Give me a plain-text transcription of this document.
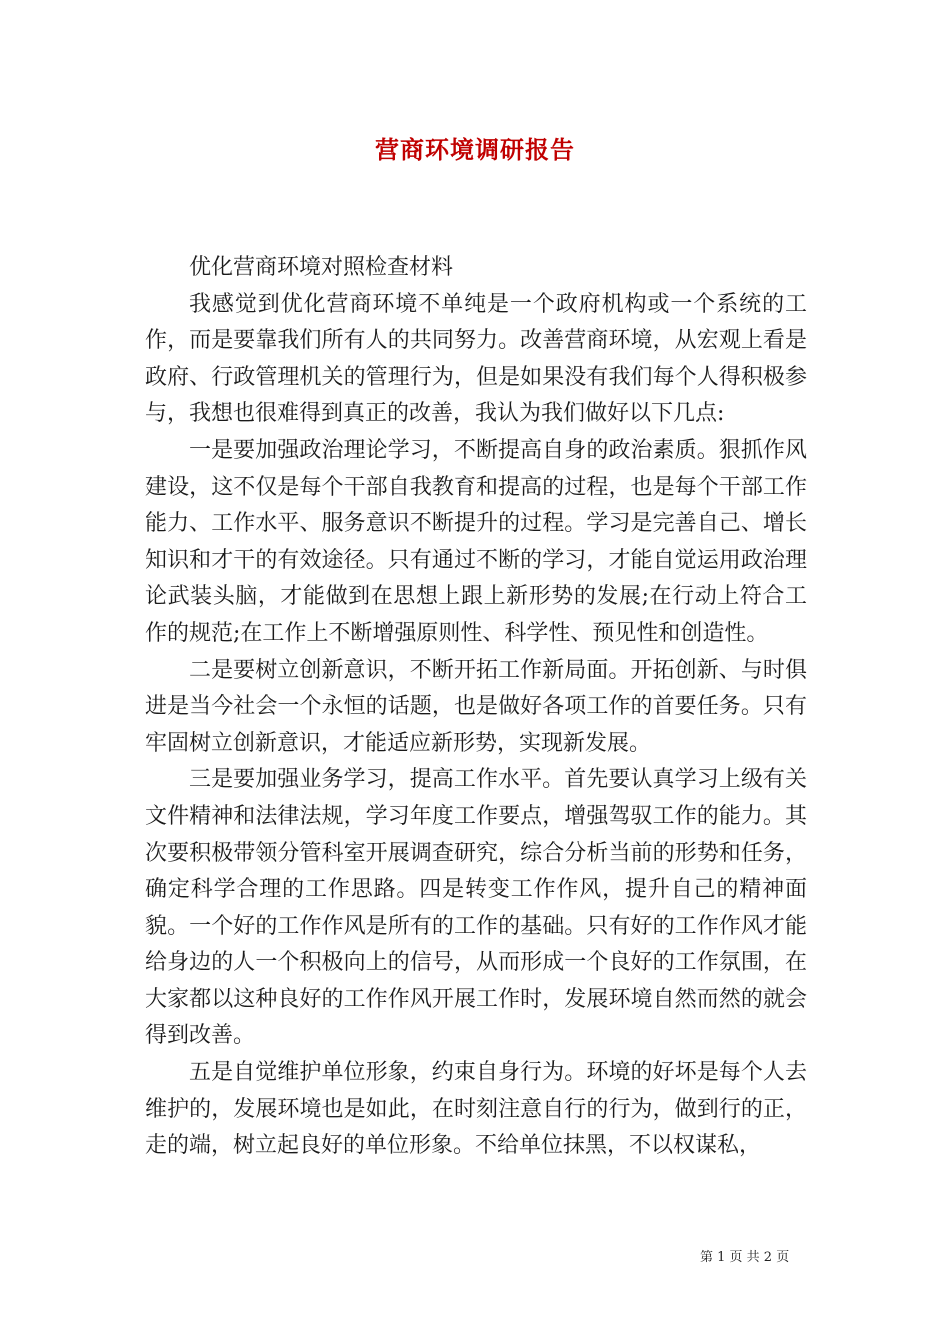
营商环境调研报告

优化营商环境对照检查材料

我感觉到优化营商环境不单纯是一个政府机构或一个系统的工作，而是要靠我们所有人的共同努力。改善营商环境，从宏观上看是政府、行政管理机关的管理行为，但是如果没有我们每个人得积极参与，我想也很难得到真正的改善，我认为我们做好以下几点:

一是要加强政治理论学习，不断提高自身的政治素质。狠抓作风建设，这不仅是每个干部自我教育和提高的过程，也是每个干部工作能力、工作水平、服务意识不断提升的过程。学习是完善自己、增长知识和才干的有效途径。只有通过不断的学习，才能自觉运用政治理论武装头脑，才能做到在思想上跟上新形势的发展;在行动上符合工作的规范;在工作上不断增强原则性、科学性、预见性和创造性。

二是要树立创新意识，不断开拓工作新局面。开拓创新、与时俱进是当今社会一个永恒的话题，也是做好各项工作的首要任务。只有牢固树立创新意识，才能适应新形势，实现新发展。

三是要加强业务学习，提高工作水平。首先要认真学习上级有关文件精神和法律法规，学习年度工作要点，增强驾驭工作的能力。其次要积极带领分管科室开展调查研究，综合分析当前的形势和任务，确定科学合理的工作思路。四是转变工作作风，提升自己的精神面貌。一个好的工作作风是所有的工作的基础。只有好的工作作风才能给身边的人一个积极向上的信号，从而形成一个良好的工作氛围，在大家都以这种良好的工作作风开展工作时，发展环境自然而然的就会得到改善。

五是自觉维护单位形象，约束自身行为。环境的好坏是每个人去维护的，发展环境也是如此，在时刻注意自行的行为，做到行的正，走的端，树立起良好的单位形象。不给单位抹黑，不以权谋私，

第 1 页 共 2 页
